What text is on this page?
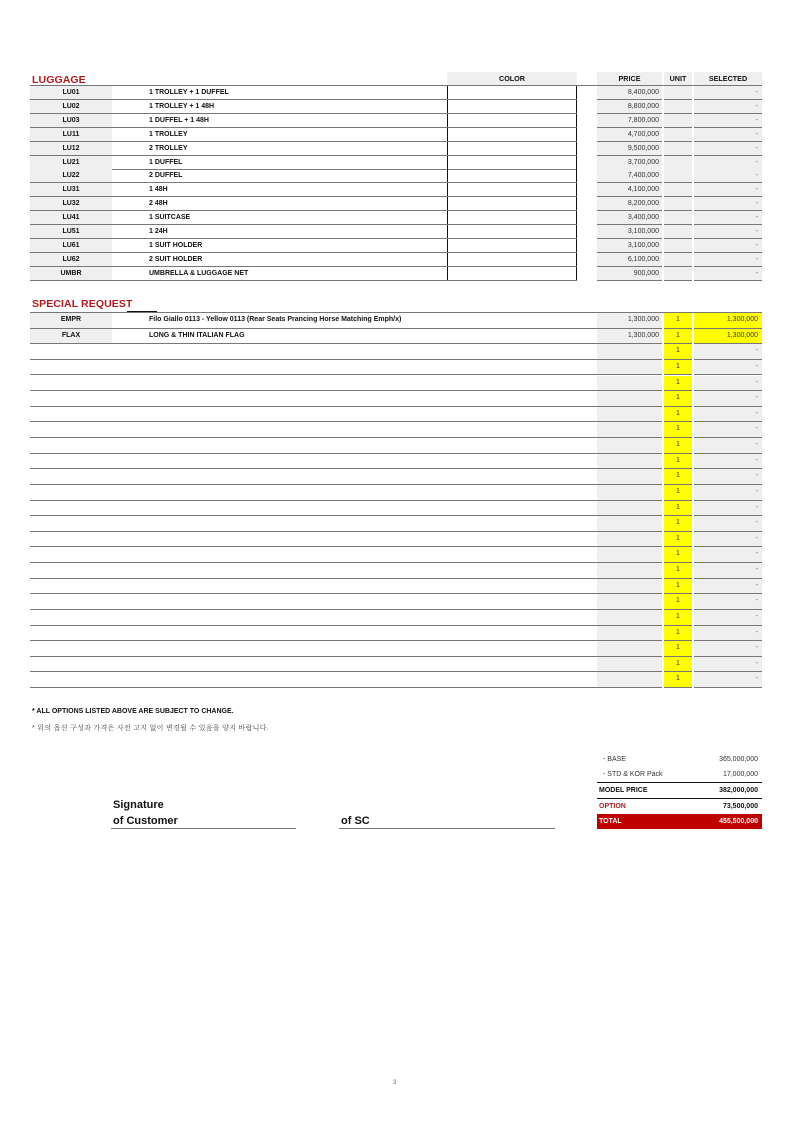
LUGGAGE	COLOR	PRICE	UNIT	SELECTED
LU01	1 TROLLEY + 1 DUFFEL	8,400,000	-
LU02	1 TROLLEY + 1 48H	8,800,000	-
LU03	1 DUFFEL + 1 48H	7,800,000	-
LU11	1 TROLLEY	4,700,000	-
LU12	2 TROLLEY	9,500,000	-
LU21	1 DUFFEL	3,700,000	-
LU22	2 DUFFEL	7,400,000	-
LU31	1 48H	4,100,000	-
LU32	2 48H	8,200,000	-
LU41	1 SUITCASE	3,400,000	-
LU51	1 24H	3,100,000	-
LU61	1 SUIT HOLDER	3,100,000	-
LU62	2 SUIT HOLDER	6,100,000	-
UMBR	UMBRELLA & LUGGAGE NET	900,000	-
SPECIAL REQUEST
EMPR	Filo Giallo 0113 - Yellow 0113 (Rear Seats Prancing Horse Matching Emph/x)	1,300,000	1	1,300,000
FLAX	LONG & THIN ITALIAN FLAG	1,300,000	1	1,300,000
1	-
1	-
1	-
1	-
1	-
1	-
1	-
1	-
1	-
1	-
1	-
1	-
1	-
1	-
1	-
1	-
1	-
1	-
1	-
1	-
1	-
1	-
* ALL OPTIONS LISTED ABOVE ARE SUBJECT TO CHANGE.
* 위의 옵션 구성과 가격은 사전 고지 없이 변경될 수 있음을 양지 바랍니다.
- BASE	365,000,000
- STD & KOR Pack	17,000,000
MODEL PRICE	382,000,000
OPTION	73,500,000
TOTAL	455,500,000
Signature
of Customer	of SC
3
